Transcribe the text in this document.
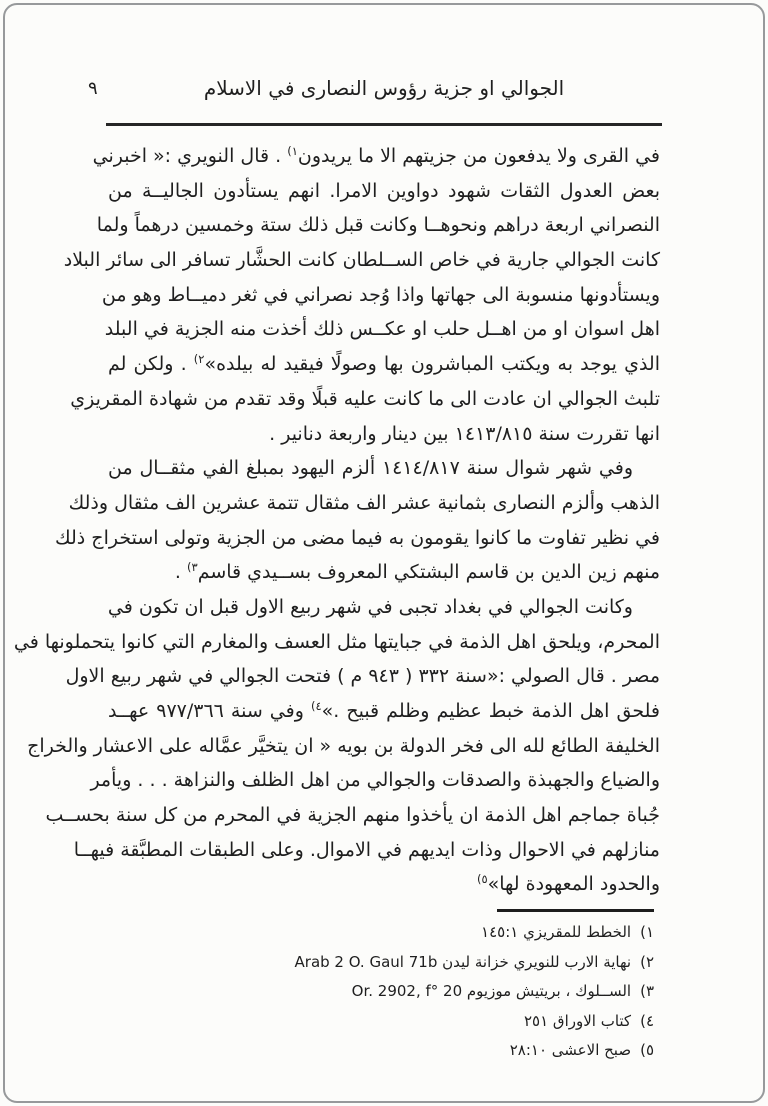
٩	الجوالي او جزية رؤوس النصارى في الاسلام
في القرى ولا يدفعون من جزيتهم الا ما يريدون$^{١)}$ . قال النويري :« اخبرني
بعض العدول الثقات شهود دواوين الامرا. انهم يستأدون الجاليــة من
النصراني اربعة دراهم ونحوهــا وكانت قبل ذلك ستة وخمسين درهماً ولما
كانت الجوالي جارية في خاص الســلطان كانت الحشَّار تسافر الى سائر البلاد
ويستأدونها منسوبة الى جهاتها واذا وُجد نصراني في ثغر دميــاط وهو من
اهل اسوان او من اهــل حلب او عكــس ذلك أخذت منه الجزية في البلد
الذي يوجد به ويكتب المباشرون بها وصولًا فيقيد له بيلده»$^{٢)}$ . ولكن لم
تلبث الجوالي ان عادت الى ما كانت عليه قبلًا وقد تقدم من شهادة المقريزي
انها تقررت سنة ١٤١٣/٨١٥ بين دينار واربعة دنانير .
وفي شهر شوال سنة ١٤١٤/٨١٧ ألزم اليهود بمبلغ الفي مثقــال من
الذهب وألزم النصارى بثمانية عشر الف مثقال تتمة عشرين الف مثقال وذلك
في نظير تفاوت ما كانوا يقومون به فيما مضى من الجزية وتولى استخراج ذلك
منهم زين الدين بن قاسم البشتكي المعروف بســيدي قاسم$^{٣)}$ .
وكانت الجوالي في بغداد تجبى في شهر ربيع الاول قبل ان تكون في
المحرم، ويلحق اهل الذمة في جبايتها مثل العسف والمغارم التي كانوا يتحملونها في
مصر . قال الصولي :«سنة ٣٣٢ ( ٩٤٣ م ) فتحت الجوالي في شهر ربيع الاول
فلحق اهل الذمة خبط عظيم وظلم قبيح .»$^{٤)}$ وفي سنة ٩٧٧/٣٦٦ عهــد
الخليفة الطائع لله الى فخر الدولة بن بويه « ان يتخيَّر عمَّاله على الاعشار والخراج
والضياع والجهبذة والصدقات والجوالي من اهل الظلف والنزاهة . . . ويأمر
جُباة جماجم اهل الذمة ان يأخذوا منهم الجزية في المحرم من كل سنة بحســب
منازلهم في الاحوال وذات ايديهم في الاموال. وعلى الطبقات المطبَّقة فيهــا
والحدود المعهودة لها»$^{٥)}$
١)الخطط للمقريزي ١٤٥:١
٢)نهاية الارب للنويري خزانة ليدن Arab 2 O. Gaul 71b
٣)الســلوك ، بريتيش موزيوم Or. 2902, f° 20
٤)كتاب الاوراق ٢٥١
٥)صبح الاعشى ٢٨:١٠
